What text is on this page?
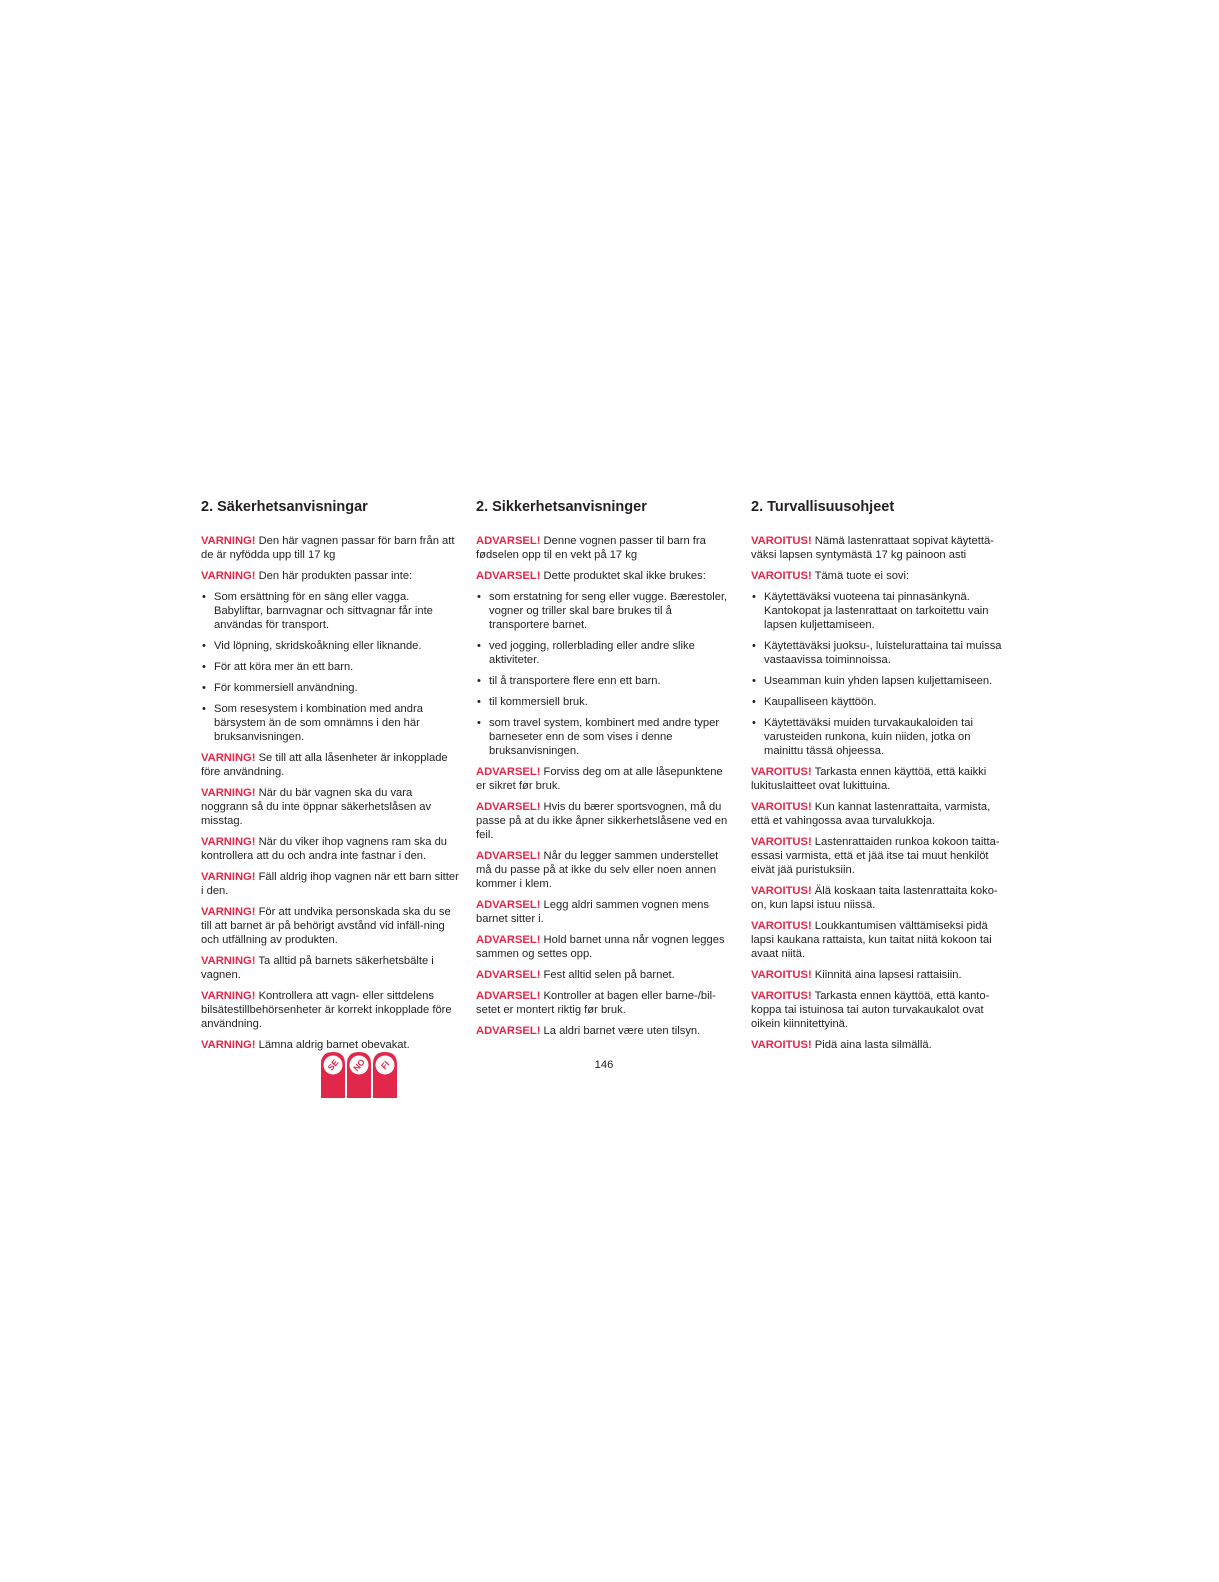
2. Säkerhetsanvisningar

VARNING! Den här vagnen passar för barn från att de är nyfödda upp till 17 kg

VARNING! Den här produkten passar inte:

• Som ersättning för en säng eller vagga. Babyliftar, barnvagnar och sittvagnar får inte användas för transport.
• Vid löpning, skridskoåkning eller liknande.
• För att köra mer än ett barn.
• För kommersiell användning.
• Som resesystem i kombination med andra bärsystem än de som omnämns i den här bruksanvisningen.

VARNING! Se till att alla låsenheter är inkopplade före användning.

VARNING! När du bär vagnen ska du vara noggrann så du inte öppnar säkerhetslåsen av misstag.

VARNING! När du viker ihop vagnens ram ska du kontrollera att du och andra inte fastnar i den.

VARNING! Fäll aldrig ihop vagnen när ett barn sitter i den.

VARNING! För att undvika personskada ska du se till att barnet är på behörigt avstånd vid infäll-ning och utfällning av produkten.

VARNING! Ta alltid på barnets säkerhetsbälte i vagnen.

VARNING! Kontrollera att vagn- eller sittdelens bilsätestillbehörsenheter är korrekt inkopplade före användning.

VARNING! Lämna aldrig barnet obevakat.

2. Sikkerhetsanvisninger

ADVARSEL! Denne vognen passer til barn fra fødselen opp til en vekt på 17 kg

ADVARSEL! Dette produktet skal ikke brukes:

• som erstatning for seng eller vugge. Bærestoler, vogner og triller skal bare brukes til å transportere barnet.
• ved jogging, rollerblading eller andre slike aktiviteter.
• til å transportere flere enn ett barn.
• til kommersiell bruk.
• som travel system, kombinert med andre typer barneseter enn de som vises i denne bruksanvisningen.

ADVARSEL! Forviss deg om at alle låsepunktene er sikret før bruk.

ADVARSEL! Hvis du bærer sportsvognen, må du passe på at du ikke åpner sikkerhetslåsene ved en feil.

ADVARSEL! Når du legger sammen understellet må du passe på at ikke du selv eller noen annen kommer i klem.

ADVARSEL! Legg aldri sammen vognen mens barnet sitter i.

ADVARSEL! Hold barnet unna når vognen legges sammen og settes opp.

ADVARSEL! Fest alltid selen på barnet.

ADVARSEL! Kontroller at bagen eller barne-/bil-setet er montert riktig før bruk.

ADVARSEL! La aldri barnet være uten tilsyn.

2. Turvallisuusohjeet

VAROITUS! Nämä lastenrattaat sopivat käytettä-väksi lapsen syntymästä 17 kg painoon asti

VAROITUS! Tämä tuote ei sovi:

• Käytettäväksi vuoteena tai pinnasänkynä. Kantokopat ja lastenrattaat on tarkoitettu vain lapsen kuljettamiseen.
• Käytettäväksi juoksu-, luistelurattaina tai muissa vastaavissa toiminnoissa.
• Useamman kuin yhden lapsen kuljettamiseen.
• Kaupalliseen käyttöön.
• Käytettäväksi muiden turvakaukaloiden tai varusteiden runkona, kuin niiden, jotka on mainittu tässä ohjeessa.

VAROITUS! Tarkasta ennen käyttöä, että kaikki lukituslaitteet ovat lukittuina.

VAROITUS! Kun kannat lastenrattaita, varmista, että et vahingossa avaa turvalukkoja.

VAROITUS! Lastenrattaiden runkoa kokoon taitta-essasi varmista, että et jää itse tai muut henkilöt eivät jää puristuksiin.

VAROITUS! Älä koskaan taita lastenrattaita koko-on, kun lapsi istuu niissä.

VAROITUS! Loukkantumisen välttämiseksi pidä lapsi kaukana rattaista, kun taitat niitä kokoon tai avaat niitä.

VAROITUS! Kiinnitä aina lapsesi rattaisiin.

VAROITUS! Tarkasta ennen käyttöä, että kanto-koppa tai istuinosa tai auton turvakaukalot ovat oikein kiinnitettyinä.

VAROITUS! Pidä aina lasta silmällä.

146
SE NO FI
